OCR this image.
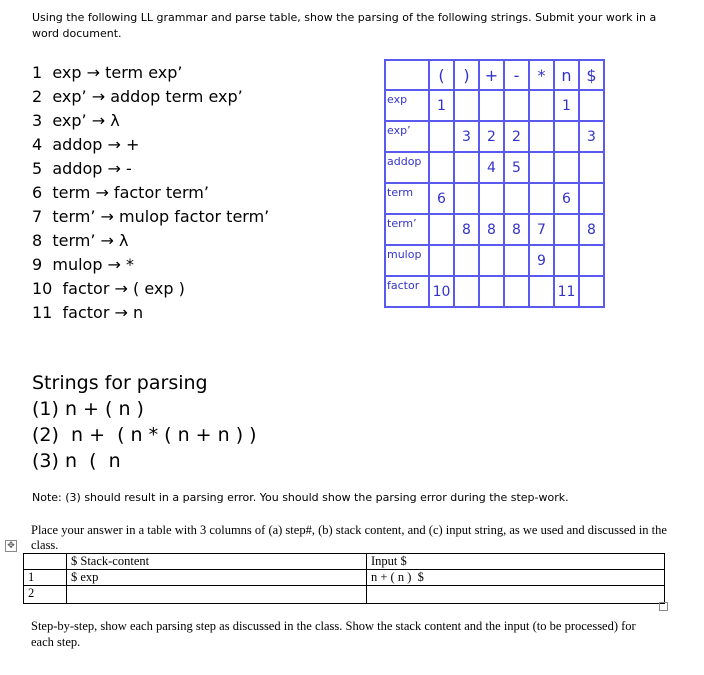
Using the following LL grammar and parse table, show the parsing of the following strings. Submit your work in a word document.
1  exp → term exp’
2  exp’ → addop term exp’
3  exp’ → λ
4  addop → +
5  addop → -
6  term → factor term’
7  term’ → mulop factor term’
8  term’ → λ
9  mulop → *
10  factor → ( exp )
11  factor → n
	(	)	+	-	*	n	$
exp	1					1	
exp’		3	2	2			3
addop			4	5			
term	6					6	
term’		8	8	8	7		8
mulop					9		
factor	10					11	
Strings for parsing
(1) n + ( n )
(2)  n +  ( n * ( n + n ) )
(3) n  (  n
Note: (3) should result in a parsing error. You should show the parsing error during the step-work.
Place your answer in a table with 3 columns of (a) step#, (b) stack content, and (c) input string, as we used and discussed in the class.
✥
	$ Stack-content	Input $
1	$ exp	n + ( n )  $
2		
Step-by-step, show each parsing step as discussed in the class. Show the stack content and the input (to be processed) for each step.
